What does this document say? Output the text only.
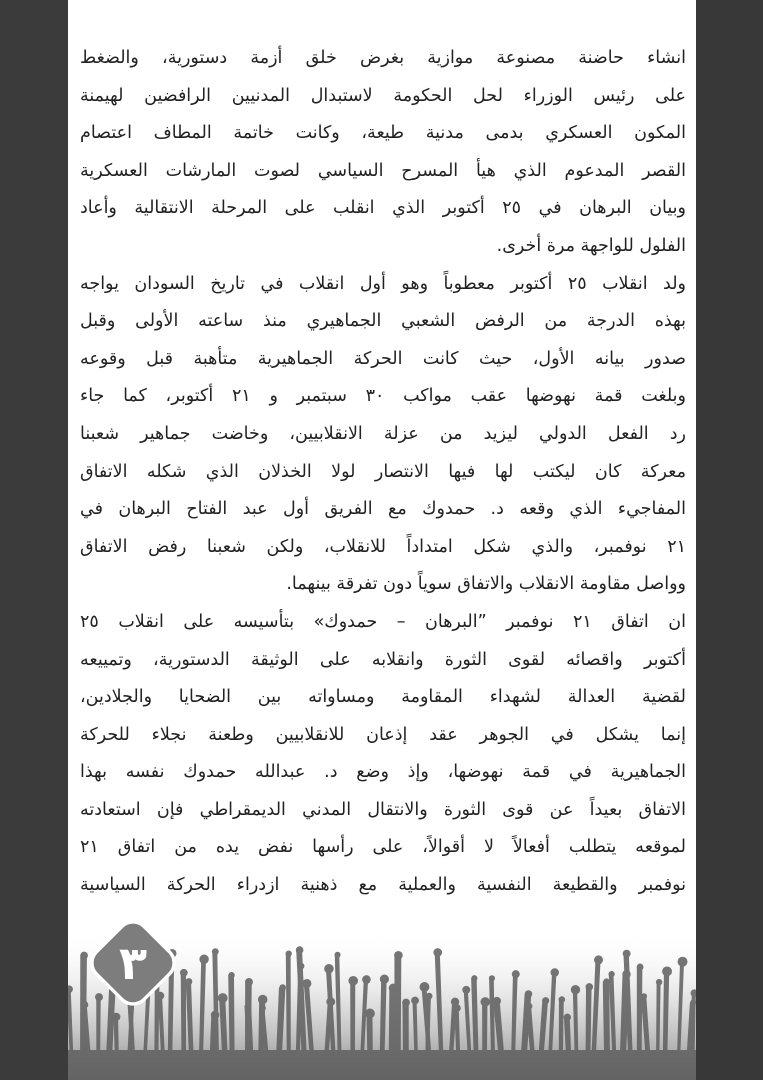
انشاء حاضنة مصنوعة موازية بغرض خلق أزمة دستورية، والضغط
على رئيس الوزراء لحل الحكومة لاستبدال المدنيين الرافضين لهيمنة
المكون العسكري بدمى مدنية طيعة، وكانت خاتمة المطاف اعتصام
القصر المدعوم الذي هيأ المسرح السياسي لصوت المارشات العسكرية
وبيان البرهان في ٢٥ أكتوبر الذي انقلب على المرحلة الانتقالية وأعاد
الفلول للواجهة مرة أخرى.
ولد انقلاب ٢٥ أكتوبر معطوباً وهو أول انقلاب في تاريخ السودان يواجه
بهذه الدرجة من الرفض الشعبي الجماهيري منذ ساعته الأولى وقبل
صدور بيانه الأول، حيث كانت الحركة الجماهيرية متأهبة قبل وقوعه
وبلغت قمة نهوضها عقب مواكب ٣٠ سبتمبر و ٢١ أكتوبر، كما جاء
رد الفعل الدولي ليزيد من عزلة الانقلابيين، وخاضت جماهير شعبنا
معركة كان ليكتب لها فيها الانتصار لولا الخذلان الذي شكله الاتفاق
المفاجيء الذي وقعه د. حمدوك مع الفريق أول عبد الفتاح البرهان في
٢١ نوفمبر، والذي شكل امتداداً للانقلاب، ولكن شعبنا رفض الاتفاق
وواصل مقاومة الانقلاب والاتفاق سوياً دون تفرقة بينهما.
ان اتفاق ٢١ نوفمبر ”البرهان – حمدوك» بتأسيسه على انقلاب ٢٥
أكتوبر واقصائه لقوى الثورة وانقلابه على الوثيقة الدستورية، وتمييعه
لقضية العدالة لشهداء المقاومة ومساواته بين الضحايا والجلادين،
إنما يشكل في الجوهر عقد إذعان للانقلابيين وطعنة نجلاء للحركة
الجماهيرية في قمة نهوضها، وإذ وضع د. عبدالله حمدوك نفسه بهذا
الاتفاق بعيداً عن قوى الثورة والانتقال المدني الديمقراطي فإن استعادته
لموقعه يتطلب أفعالاً لا أقوالاً، على رأسها نفض يده من اتفاق ٢١
نوفمبر والقطيعة النفسية والعملية مع ذهنية ازدراء الحركة السياسية
٣
